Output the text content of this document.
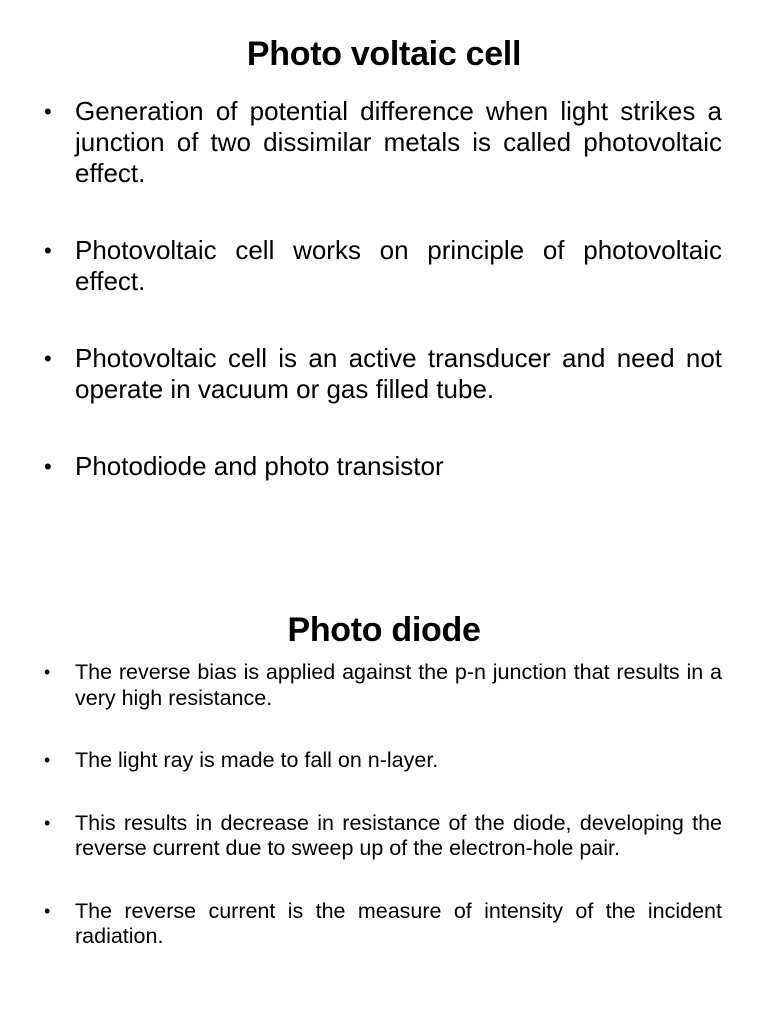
Photo voltaic cell
• Generation of potential difference when light strikes a junction of two dissimilar metals is called photovoltaic effect.
• Photovoltaic cell works on principle of photovoltaic effect.
• Photovoltaic cell is an active transducer and need not operate in vacuum or gas filled tube.
• Photodiode and photo transistor
Photo diode
• The reverse bias is applied against the p-n junction that results in a very high resistance.
• The light ray is made to fall on n-layer.
• This results in decrease in resistance of the diode, developing the reverse current due to sweep up of the electron-hole pair.
• The reverse current is the measure of intensity of the incident radiation.
